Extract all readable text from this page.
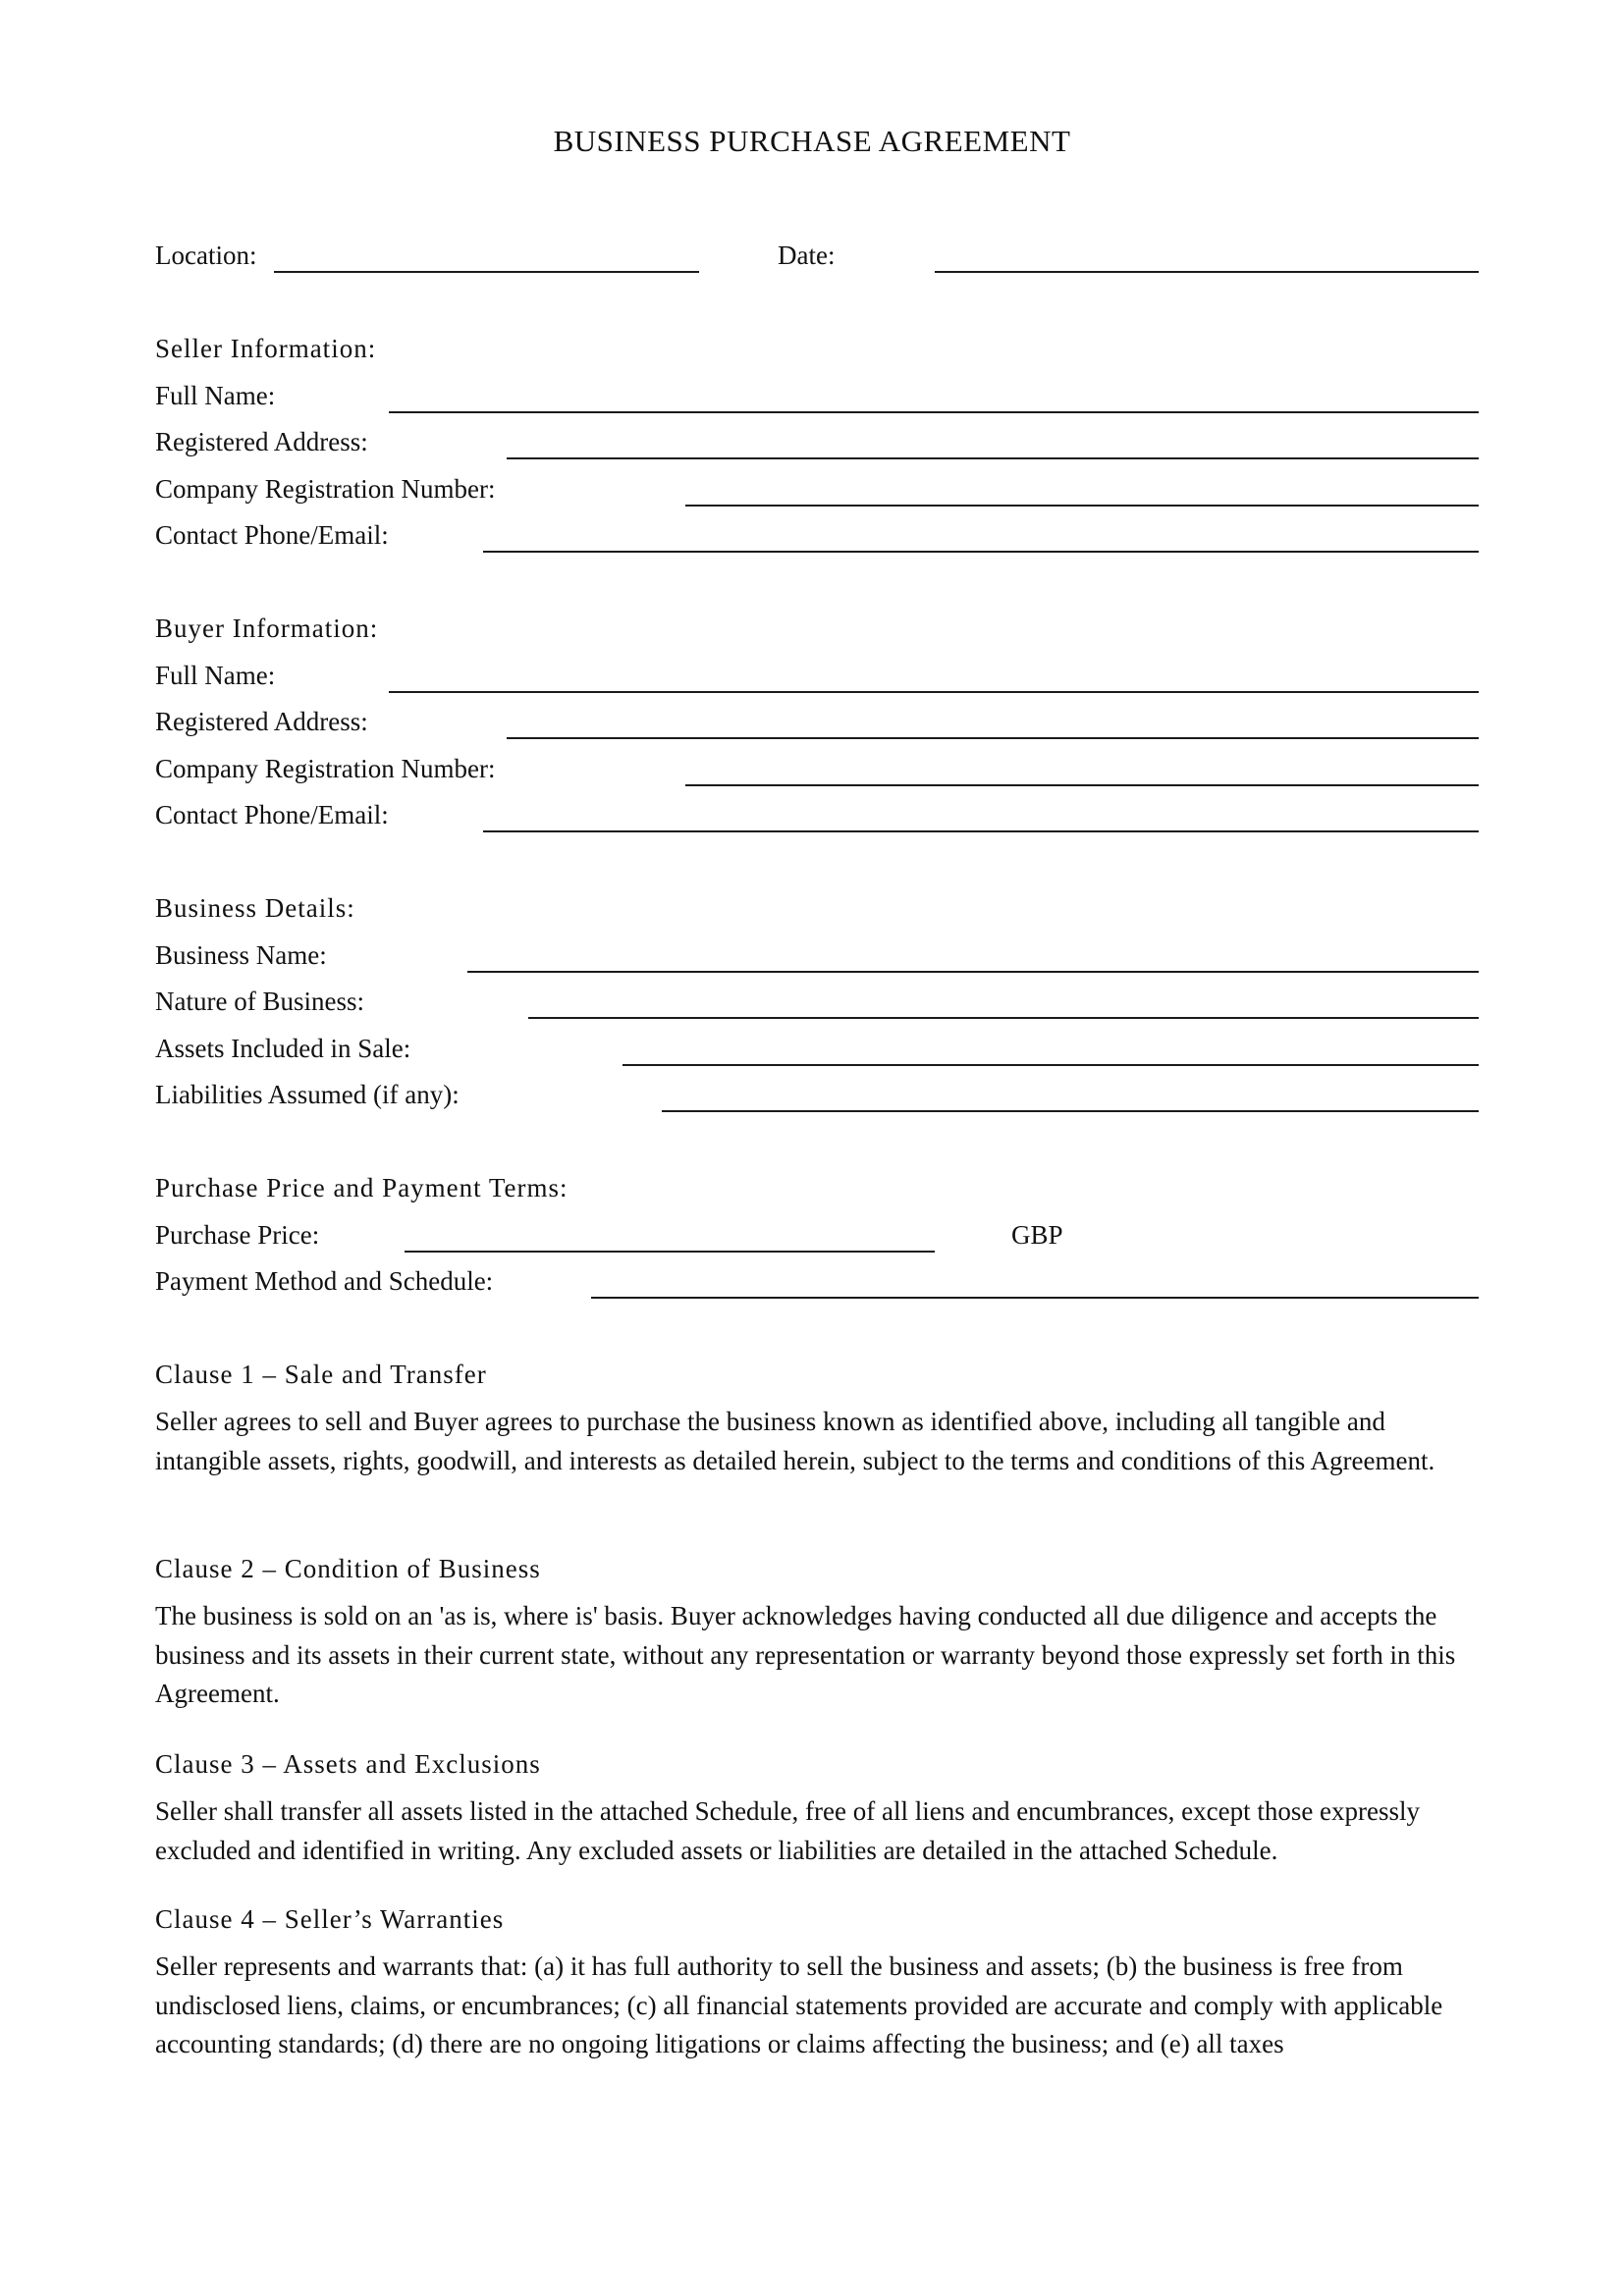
BUSINESS PURCHASE AGREEMENT
Location:	Date:
Seller Information:
Full Name:
Registered Address:
Company Registration Number:
Contact Phone/Email:
Buyer Information:
Full Name:
Registered Address:
Company Registration Number:
Contact Phone/Email:
Business Details:
Business Name:
Nature of Business:
Assets Included in Sale:
Liabilities Assumed (if any):
Purchase Price and Payment Terms:
Purchase Price:	GBP
Payment Method and Schedule:
Clause 1 – Sale and Transfer

Seller agrees to sell and Buyer agrees to purchase the business known as identified above, including all tangible and intangible assets, rights, goodwill, and interests as detailed herein, subject to the terms and conditions of this Agreement.

Clause 2 – Condition of Business

The business is sold on an 'as is, where is' basis. Buyer acknowledges having conducted all due diligence and accepts the business and its assets in their current state, without any representation or warranty beyond those expressly set forth in this Agreement.

Clause 3 – Assets and Exclusions

Seller shall transfer all assets listed in the attached Schedule, free of all liens and encumbrances, except those expressly excluded and identified in writing. Any excluded assets or liabilities are detailed in the attached Schedule.

Clause 4 – Seller’s Warranties

Seller represents and warrants that: (a) it has full authority to sell the business and assets; (b) the business is free from undisclosed liens, claims, or encumbrances; (c) all financial statements provided are accurate and comply with applicable accounting standards; (d) there are no ongoing litigations or claims affecting the business; and (e) all taxes
